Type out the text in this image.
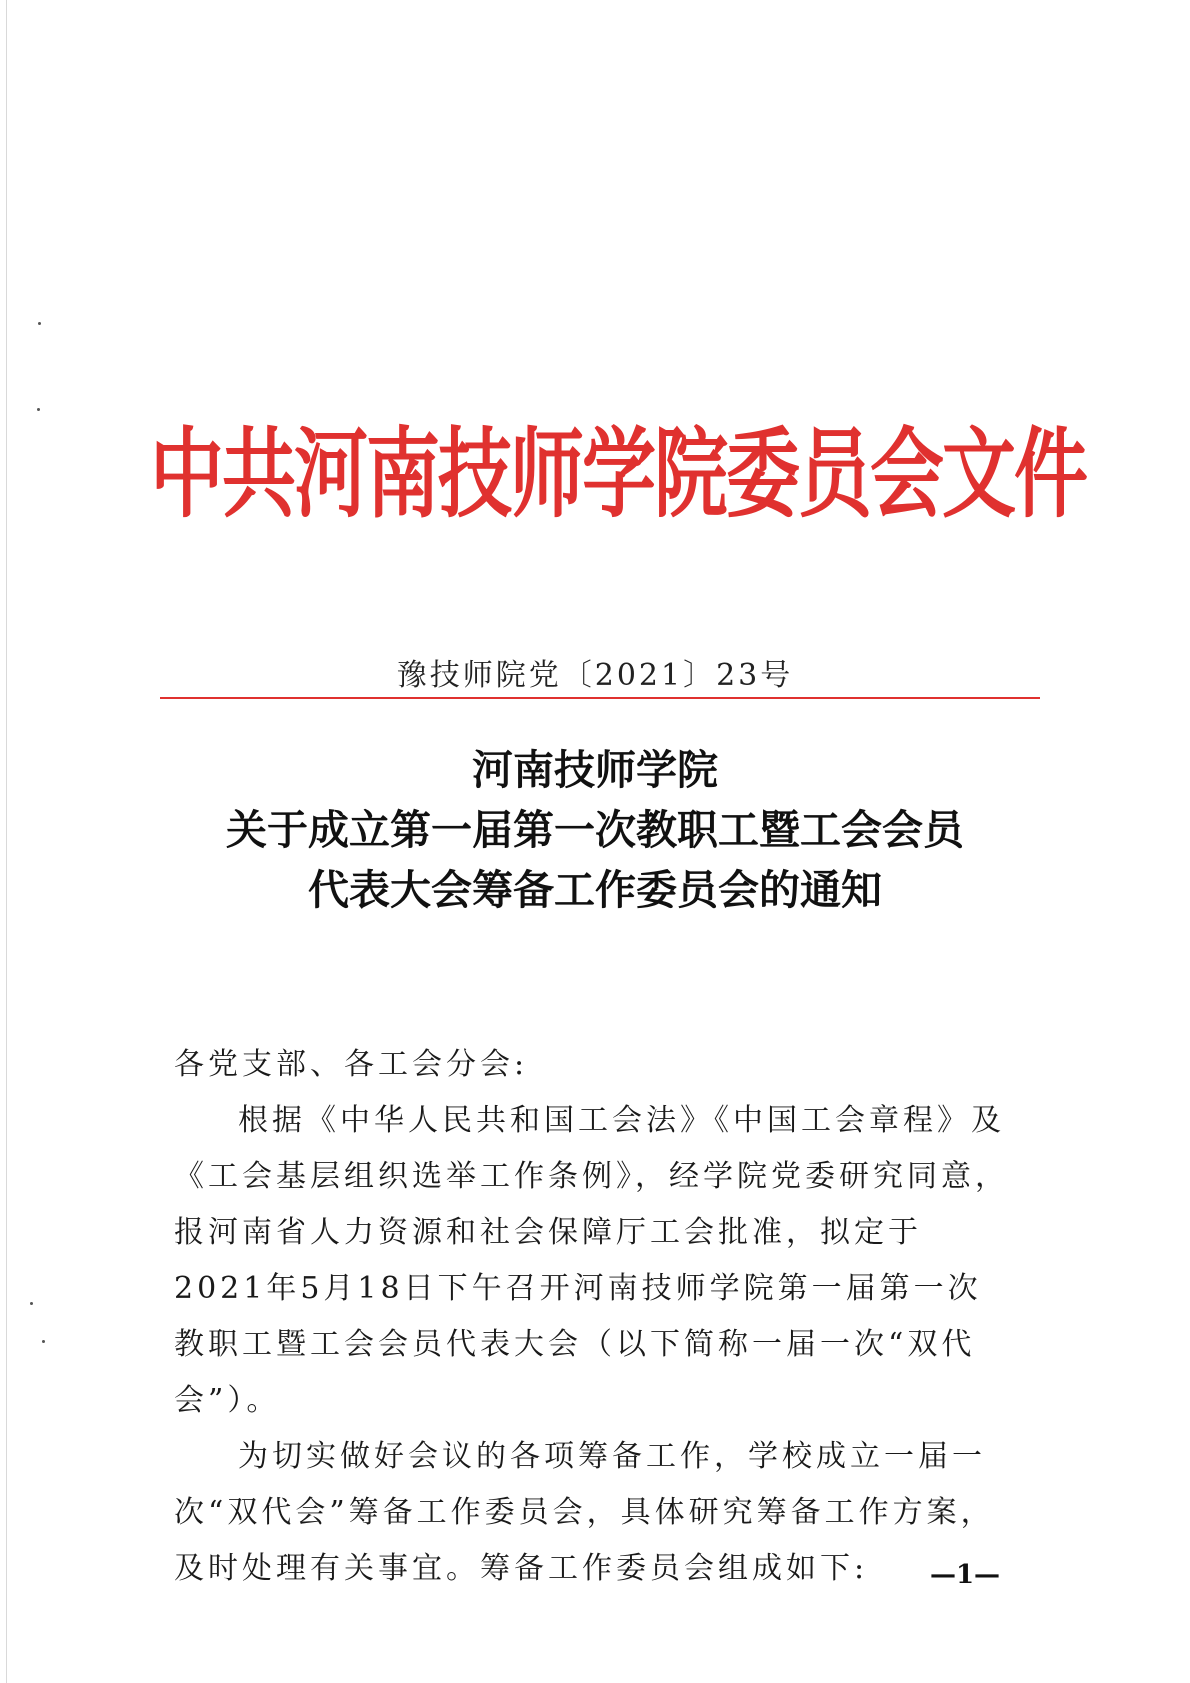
中共河南技师学院委员会文件
豫技师院党〔2021〕23号
河南技师学院
关于成立第一届第一次教职工暨工会会员
代表大会筹备工作委员会的通知

各党支部、各工会分会:

根据《中华人民共和国工会法》《中国工会章程》及《工会基层组织选举工作条例》，经学院党委研究同意，报河南省人力资源和社会保障厅工会批准，拟定于2021年5月18日下午召开河南技师学院第一届第一次教职工暨工会会员代表大会（以下简称一届一次“双代会”）。

为切实做好会议的各项筹备工作，学校成立一届一次“双代会”筹备工作委员会，具体研究筹备工作方案，及时处理有关事宜。筹备工作委员会组成如下:	—1—
